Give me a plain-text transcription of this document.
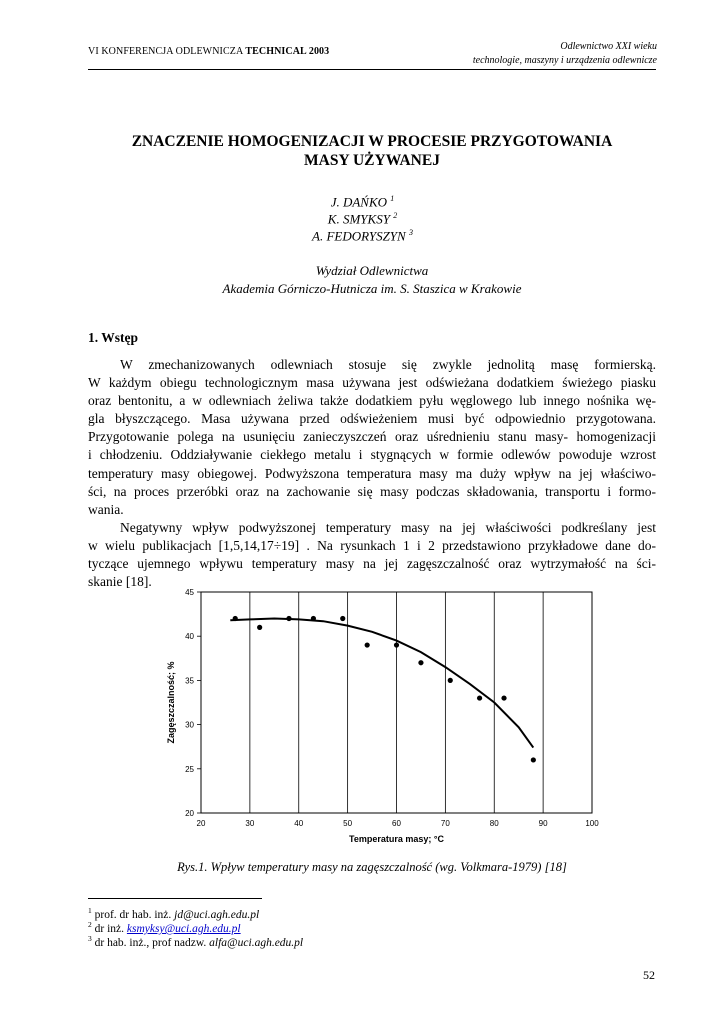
VI KONFERENCJA ODLEWNICZA TECHNICAL 2003	Odlewnictwo XXI wieku
technologie, maszyny i urządzenia odlewnicze
ZNACZENIE HOMOGENIZACJI W PROCESIE PRZYGOTOWANIA
MASY UŻYWANEJ
J. DAŃKO $^1$
K. SMYKSY $^2$
A. FEDORYSZYN $^3$
Wydział Odlewnictwa
Akademia Górniczo-Hutnicza im. S. Staszica w Krakowie
1. Wstęp
W zmechanizowanych odlewniach stosuje się zwykle jednolitą masę formierską.
W każdym obiegu technologicznym masa używana jest odświeżana dodatkiem świeżego piasku
oraz bentonitu, a w odlewniach żeliwa także dodatkiem pyłu węglowego lub innego nośnika wę-
gla błyszczącego. Masa używana przed odświeżeniem musi być odpowiednio przygotowana.
Przygotowanie polega na usunięciu zanieczyszczeń oraz uśrednieniu stanu masy- homogenizacji
i chłodzeniu. Oddziaływanie ciekłego metalu i stygnących w formie odlewów powoduje wzrost
temperatury masy obiegowej. Podwyższona temperatura masy ma duży wpływ na jej właściwo-
ści, na proces przeróbki oraz na zachowanie się masy podczas składowania, transportu i formo-
wania.
Negatywny wpływ podwyższonej temperatury masy na jej właściwości podkreślany jest
w wielu publikacjach [1,5,14,17÷19] . Na rysunkach 1 i 2 przedstawiono przykładowe dane do-
tyczące ujemnego wpływu temperatury masy na jej zagęszczalność oraz wytrzymałość na ści-
skanie [18].
20	30	40	50	60	70	80	90	100
20
25
30
35
40
45
Temperatura masy; °C
Zagęszczalność; %
Rys.1. Wpływ temperatury masy na zagęszczalność (wg. Volkmara-1979) [18]
$^1$ prof. dr hab. inż. jd@uci.agh.edu.pl
$^2$ dr inż. ksmyksy@uci.agh.edu.pl
$^3$ dr hab. inż., prof nadzw. alfa@uci.agh.edu.pl
52
